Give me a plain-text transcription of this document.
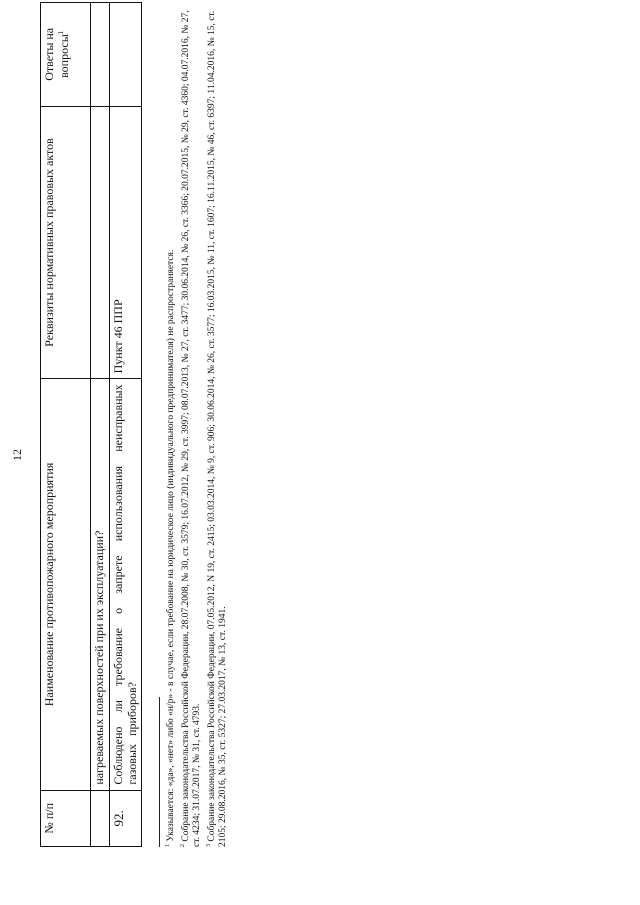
12
№ п/п	Наименование противопожарного мероприятия	Реквизиты нормативных правовых актов	Ответы на вопросы$^1$
	нагреваемых поверхностей при их эксплуатации?		
92.	Соблюдено ли требование о запрете использования неисправных газовых приборов?	Пункт 46 ППР	

$^1$ Указывается: «да», «нет» либо «н/р» - в случае, если требование на юридическое лицо (индивидуального предпринимателя) не распространяется.

$^2$ Собрание законодательства Российской Федерации, 28.07.2008, № 30, ст. 3579; 16.07.2012, № 29, ст. 3997; 08.07.2013, № 27, ст. 3477; 30.06.2014, № 26, ст. 3366; 20.07.2015, № 29, ст. 4360; 04.07.2016, № 27, ст. 4234; 31.07.2017, № 31, ст. 4793. $^3$ Собрание законодательства Российской Федерации, 07.05.2012, N 19, ст. 2415; 03.03.2014, № 9, ст. 906; 30.06.2014, № 26, ст. 3577; 16.03.2015, № 11, ст. 1607; 16.11.2015, № 46, ст. 6397; 11.04.2016, № 15, ст. 2105; 29.08.2016, № 35, ст. 5327; 27.03.2017, № 13, ст. 1941.
